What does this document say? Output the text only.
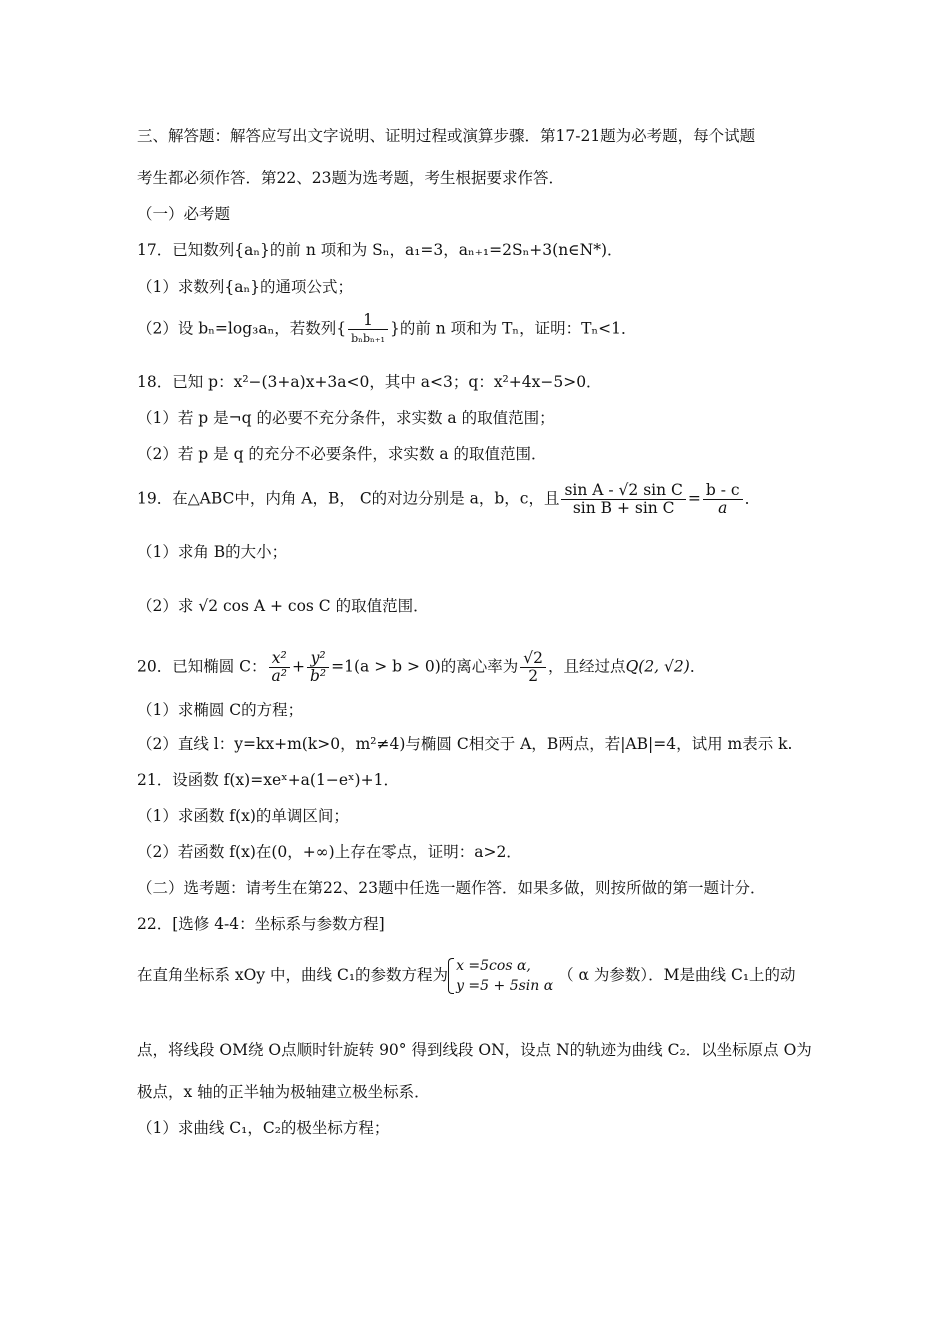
三、解答题：解答应写出文字说明、证明过程或演算步骤．第17-21题为必考题，每个试题
考生都必须作答．第22、23题为选考题，考生根据要求作答．
（一）必考题
17．已知数列{aₙ}的前 n 项和为 Sₙ，a₁=3，aₙ₊₁=2Sₙ+3(n∈N*)．
（1）求数列{aₙ}的通项公式；
（2）设 bₙ=log₃aₙ，若数列{ $\frac{1}{\text{bₙbₙ₊₁}}$ }的前 n 项和为 Tₙ，证明：Tₙ<1．
18．已知 p：x²−(3+a)x+3a<0，其中 a<3；q：x²+4x−5>0．
（1）若 p 是¬q 的必要不充分条件，求实数 a 的取值范围；
（2）若 p 是 q 的充分不必要条件，求实数 a 的取值范围．
19．在△ABC中，内角 A，B， C的对边分别是 a，b，c，且 $\frac{\text{sin A - √2 sin C}}{\text{sin B + sin C}} = \frac{b - c}{a}$ ．
（1）求角 B的大小；
（2）求 √2 cos A + cos C 的取值范围．
20．已知椭圆 C： $\frac{\text{x²}}{\text{a²}} + \frac{\text{y²}}{\text{b²}} =1(a > b > 0)$的离心率为 $\frac{√2}{2}$ ，且经过点Q(2, √2)．
（1）求椭圆 C的方程；
（2）直线 l：y=kx+m(k>0，m²≠4)与椭圆 C相交于 A，B两点，若|AB|=4，试用 m表示 k.
21．设函数 f(x)=xeˣ+a(1−eˣ)+1．
（1）求函数 f(x)的单调区间；
（2）若函数 f(x)在(0，+∞)上存在零点，证明：a>2．
（二）选考题：请考生在第22、23题中任选一题作答．如果多做，则按所做的第一题计分．
22．[选修 4-4：坐标系与参数方程]
在直角坐标系 xOy 中，曲线 C₁的参数方程为 x =5cos α,
y =5 + 5sin α
（ α 为参数）．M是曲线 C₁上的动
点，将线段 OM绕 O点顺时针旋转 90° 得到线段 ON，设点 N的轨迹为曲线 C₂．以坐标原点 O为
极点，x 轴的正半轴为极轴建立极坐标系．
（1）求曲线 C₁，C₂的极坐标方程；
